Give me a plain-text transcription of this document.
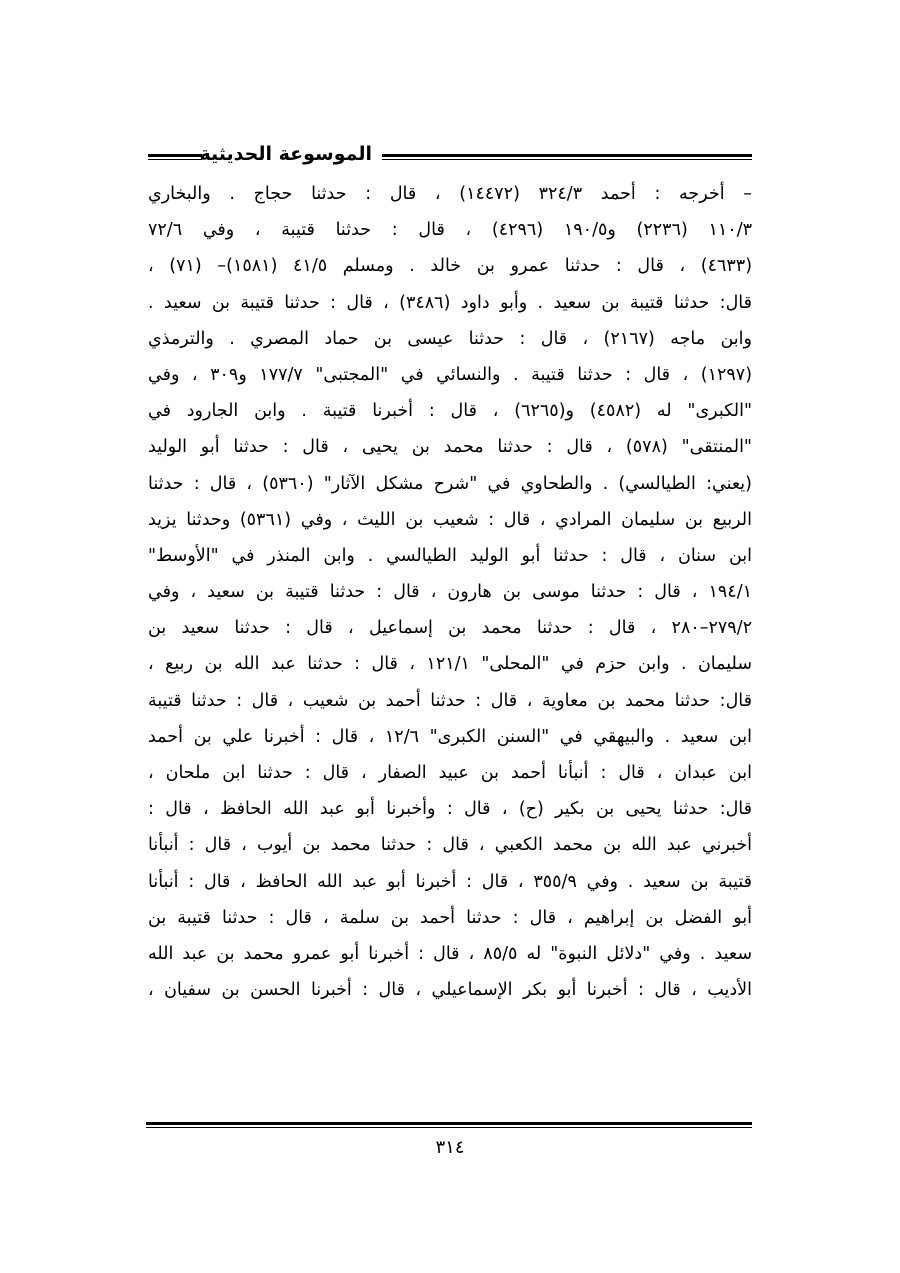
الموسوعة الحديثية
– أخرجه : أحمد ٣٢٤/٣ (١٤٤٧٢) ، قال : حدثنا حجاج . والبخاري
١١٠/٣ (٢٢٣٦) و١٩٠/٥ (٤٢٩٦) ، قال : حدثنا قتيبة ، وفي ٧٢/٦
(٤٦٣٣) ، قال : حدثنا عمرو بن خالد . ومسلم ٤١/٥ (١٥٨١)– (٧١) ،
قال: حدثنا قتيبة بن سعيد . وأبو داود (٣٤٨٦) ، قال : حدثنا قتيبة بن سعيد .
وابن ماجه (٢١٦٧) ، قال : حدثنا عيسى بن حماد المصري . والترمذي
(١٢٩٧) ، قال : حدثنا قتيبة . والنسائي في "المجتبى" ١٧٧/٧ و٣٠٩ ، وفي
"الكبرى" له (٤٥٨٢) و(٦٢٦٥) ، قال : أخبرنا قتيبة . وابن الجارود في
"المنتقى" (٥٧٨) ، قال : حدثنا محمد بن يحيى ، قال : حدثنا أبو الوليد
(يعني: الطيالسي) . والطحاوي في "شرح مشكل الآثار" (٥٣٦٠) ، قال : حدثنا
الربيع بن سليمان المرادي ، قال : شعيب بن الليث ، وفي (٥٣٦١) وحدثنا يزيد
ابن سنان ، قال : حدثنا أبو الوليد الطيالسي . وابن المنذر في "الأوسط"
١٩٤/١ ، قال : حدثنا موسى بن هارون ، قال : حدثنا قتيبة بن سعيد ، وفي
٢٧٩/٢–٢٨٠ ، قال : حدثنا محمد بن إسماعيل ، قال : حدثنا سعيد بن
سليمان . وابن حزم في "المحلى" ١٢١/١ ، قال : حدثنا عبد الله بن ربيع ،
قال: حدثنا محمد بن معاوية ، قال : حدثنا أحمد بن شعيب ، قال : حدثنا قتيبة
ابن سعيد . والبيهقي في "السنن الكبرى" ١٢/٦ ، قال : أخبرنا علي بن أحمد
ابن عبدان ، قال : أنبأنا أحمد بن عبيد الصفار ، قال : حدثنا ابن ملحان ،
قال: حدثنا يحيى بن بكير (ح) ، قال : وأخبرنا أبو عبد الله الحافظ ، قال :
أخبرني عبد الله بن محمد الكعبي ، قال : حدثنا محمد بن أيوب ، قال : أنبأنا
قتيبة بن سعيد . وفي ٣٥٥/٩ ، قال : أخبرنا أبو عبد الله الحافظ ، قال : أنبأنا
أبو الفضل بن إبراهيم ، قال : حدثنا أحمد بن سلمة ، قال : حدثنا قتيبة بن
سعيد . وفي "دلائل النبوة" له ٨٥/٥ ، قال : أخبرنا أبو عمرو محمد بن عبد الله
الأديب ، قال : أخبرنا أبو بكر الإسماعيلي ، قال : أخبرنا الحسن بن سفيان ،
٣١٤
